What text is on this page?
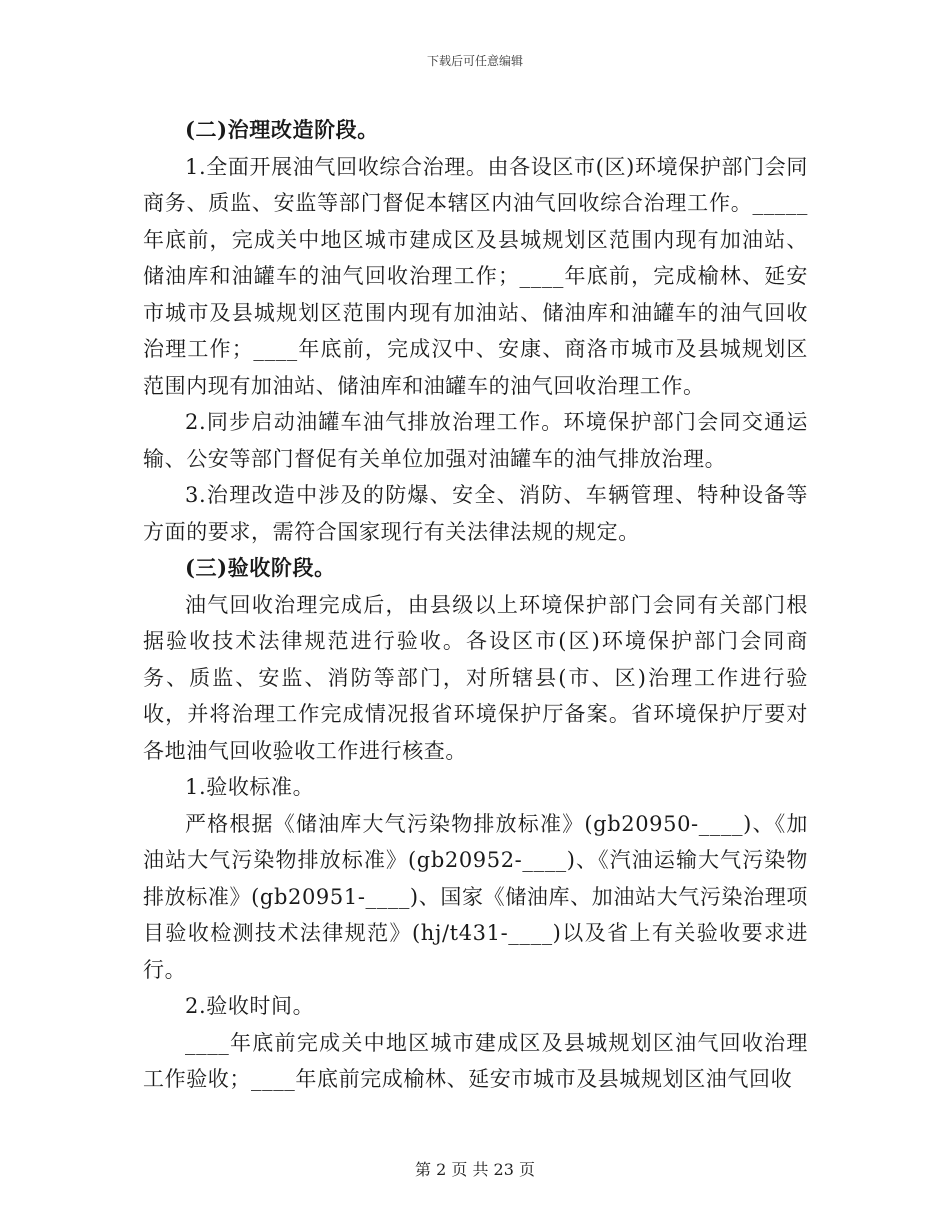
下载后可任意编辑

(二)治理改造阶段。

1.全面开展油气回收综合治理。由各设区市(区)环境保护部门会同商务、质监、安监等部门督促本辖区内油气回收综合治理工作。_____年底前，完成关中地区城市建成区及县城规划区范围内现有加油站、储油库和油罐车的油气回收治理工作；____年底前，完成榆林、延安市城市及县城规划区范围内现有加油站、储油库和油罐车的油气回收治理工作；____年底前，完成汉中、安康、商洛市城市及县城规划区范围内现有加油站、储油库和油罐车的油气回收治理工作。

2.同步启动油罐车油气排放治理工作。环境保护部门会同交通运输、公安等部门督促有关单位加强对油罐车的油气排放治理。

3.治理改造中涉及的防爆、安全、消防、车辆管理、特种设备等方面的要求，需符合国家现行有关法律法规的规定。

(三)验收阶段。

油气回收治理完成后，由县级以上环境保护部门会同有关部门根据验收技术法律规范进行验收。各设区市(区)环境保护部门会同商务、质监、安监、消防等部门，对所辖县(市、区)治理工作进行验收，并将治理工作完成情况报省环境保护厅备案。省环境保护厅要对各地油气回收验收工作进行核查。

1.验收标准。

严格根据《储油库大气污染物排放标准》(gb20950-____)、《加油站大气污染物排放标准》(gb20952-____)、《汽油运输大气污染物排放标准》(gb20951-____)、国家《储油库、加油站大气污染治理项目验收检测技术法律规范》(hj/t431-____)以及省上有关验收要求进行。

2.验收时间。

____年底前完成关中地区城市建成区及县城规划区油气回收治理工作验收；____年底前完成榆林、延安市城市及县城规划区油气回收

第 2 页 共 23 页
